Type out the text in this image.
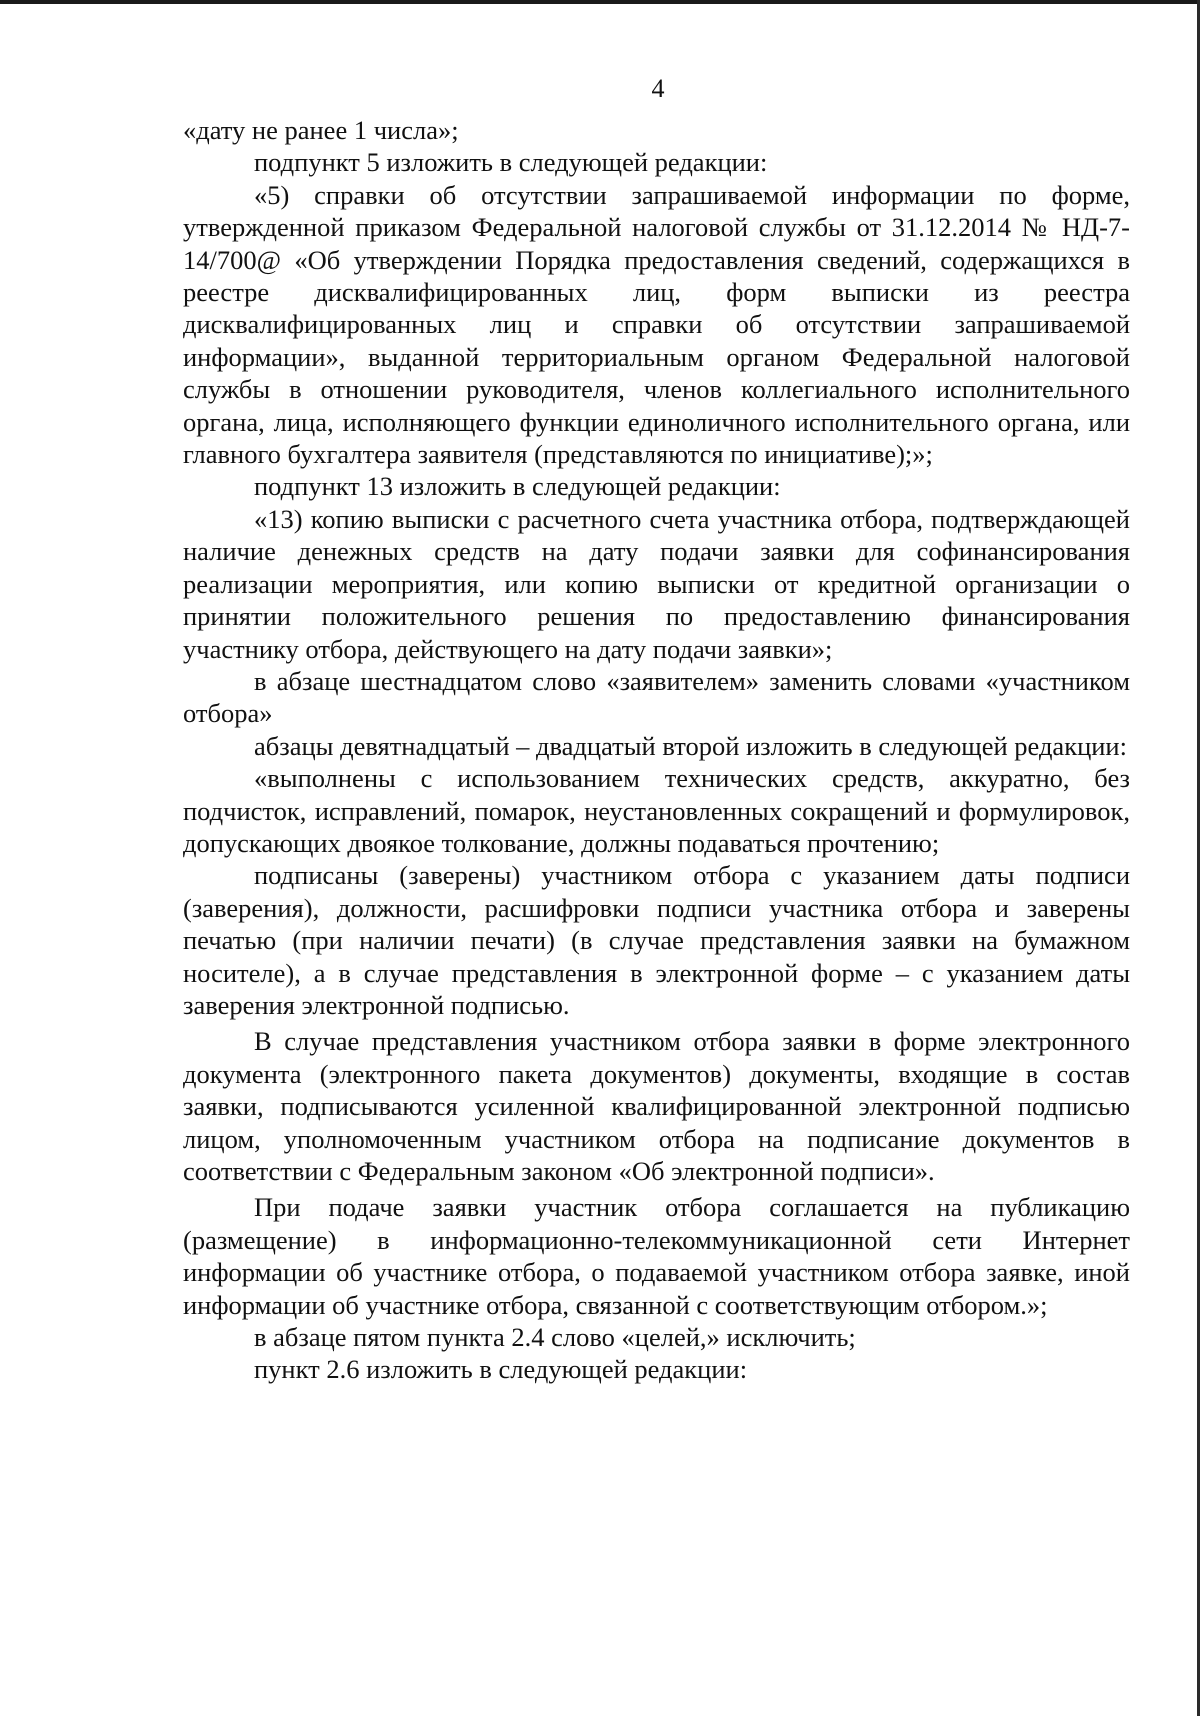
4

«дату не ранее 1 числа»;

подпункт 5 изложить в следующей редакции:

«5) справки об отсутствии запрашиваемой информации по форме, утвержденной приказом Федеральной налоговой службы от 31.12.2014 № НД-7-14/700@ «Об утверждении Порядка предоставления сведений, содержащихся в реестре дисквалифицированных лиц, форм выписки из реестра дисквалифицированных лиц и справки об отсутствии запрашиваемой информации», выданной территориальным органом Федеральной налоговой службы в отношении руководителя, членов коллегиального исполнительного органа, лица, исполняющего функции единоличного исполнительного органа, или главного бухгалтера заявителя (представляются по инициативе);»;

подпункт 13 изложить в следующей редакции:

«13) копию выписки с расчетного счета участника отбора, подтверждающей наличие денежных средств на дату подачи заявки для софинансирования реализации мероприятия, или копию выписки от кредитной организации о принятии положительного решения по предоставлению финансирования участнику отбора, действующего на дату подачи заявки»;

в абзаце шестнадцатом слово «заявителем» заменить словами «участником отбора»

абзацы девятнадцатый – двадцатый второй изложить в следующей редакции:

«выполнены с использованием технических средств, аккуратно, без подчисток, исправлений, помарок, неустановленных сокращений и формулировок, допускающих двоякое толкование, должны подаваться прочтению;

подписаны (заверены) участником отбора с указанием даты подписи (заверения), должности, расшифровки подписи участника отбора и заверены печатью (при наличии печати) (в случае представления заявки на бумажном носителе), а в случае представления в электронной форме – с указанием даты заверения электронной подписью.

В случае представления участником отбора заявки в форме электронного документа (электронного пакета документов) документы, входящие в состав заявки, подписываются усиленной квалифицированной электронной подписью лицом, уполномоченным участником отбора на подписание документов в соответствии с Федеральным законом «Об электронной подписи».

При подаче заявки участник отбора соглашается на публикацию (размещение) в информационно-телекоммуникационной сети Интернет информации об участнике отбора, о подаваемой участником отбора заявке, иной информации об участнике отбора, связанной с соответствующим отбором.»;

в абзаце пятом пункта 2.4 слово «целей,» исключить;

пункт 2.6 изложить в следующей редакции:
